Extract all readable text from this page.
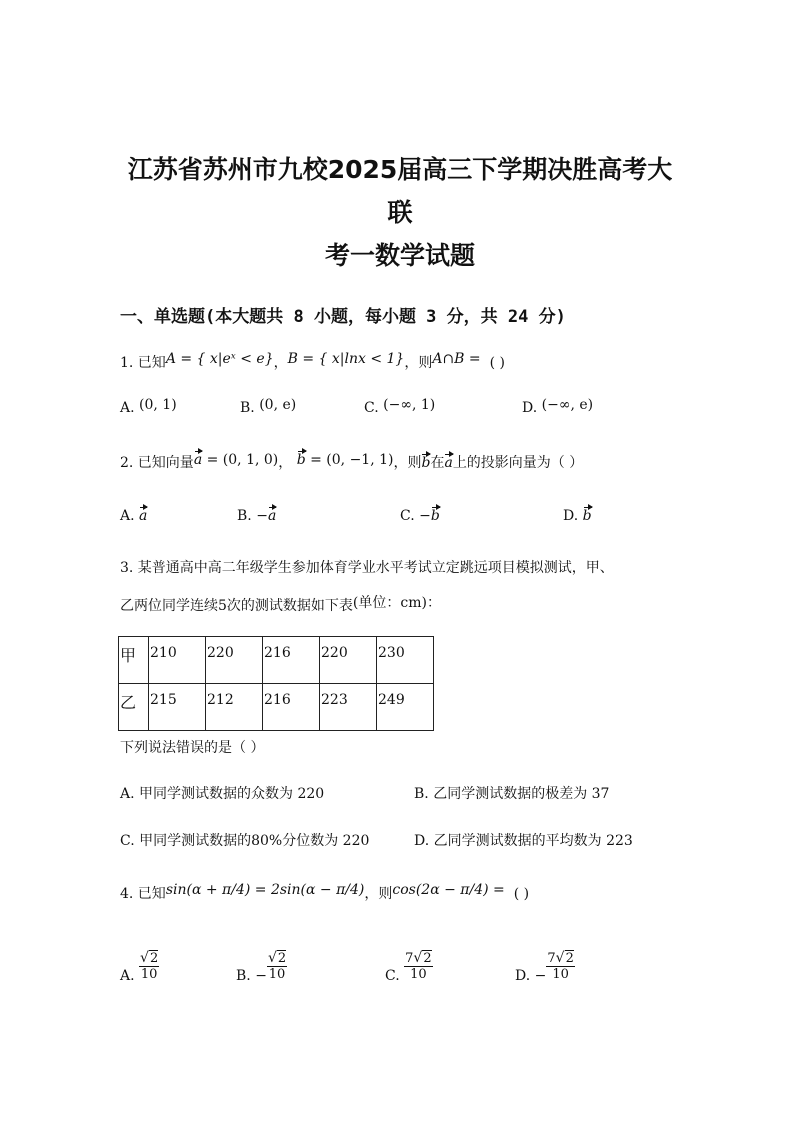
江苏省苏州市九校2025届高三下学期决胜高考大联
考一数学试题
一、单选题(本大题共 8 小题，每小题 3 分，共 24 分)
1. 已知A = { x|eˣ < e}，B = { x|lnx < 1}，则A∩B = ( )
A. (0, 1)	B. (0, e)	C. (−∞, 1)	D. (−∞, e)
2. 已知向量a = (0, 1, 0)， b = (0, −1, 1)，则b在a上的投影向量为（ ）
A. a	B. −a	C. −b	D. b
3. 某普通高中高二年级学生参加体育学业水平考试立定跳远项目模拟测试，甲、
乙两位同学连续5次的测试数据如下表(单位：cm)：
甲	210	220	216	220	230
乙	215	212	216	223	249
下列说法错误的是（ ）
A. 甲同学测试数据的众数为 220	B. 乙同学测试数据的极差为 37
C. 甲同学测试数据的80%分位数为 220	D. 乙同学测试数据的平均数为 223
4. 已知sin(α + π/4) = 2sin(α − π/4)，则cos(2α − π/4) = ( )
A. $\frac{√2}{10}$	B. − $\frac{√2}{10}$	C. $\frac{7√2}{10}$	D. − $\frac{7√2}{10}$
